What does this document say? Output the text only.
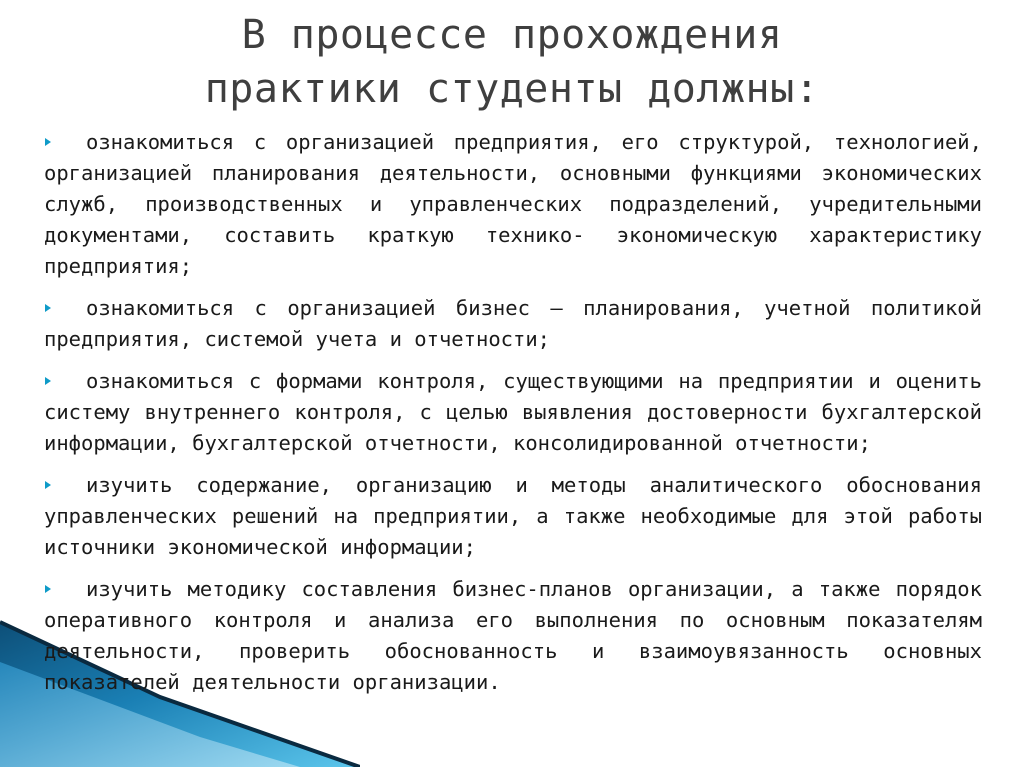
В процессе прохождения
практики студенты должны:
ознакомиться с организацией предприятия, его структурой, технологией, организацией планирования деятельности, основными функциями экономических служб, производственных и управленческих подразделений, учредительными документами, составить краткую технико- экономическую характеристику предприятия;
ознакомиться с организацией бизнес – планирования, учетной политикой предприятия, системой учета и отчетности;
ознакомиться с формами контроля, существующими на предприятии и оценить систему внутреннего контроля, с целью выявления достоверности бухгалтерской информации, бухгалтерской отчетности, консолидированной отчетности;
изучить содержание, организацию и методы аналитического обоснования управленческих решений на предприятии, а также необходимые для этой работы источники экономической информации;
изучить методику составления бизнес-планов организации, а также порядок оперативного контроля и анализа его выполнения по основным показателям деятельности, проверить обоснованность и взаимоувязанность основных показателей деятельности организации.
